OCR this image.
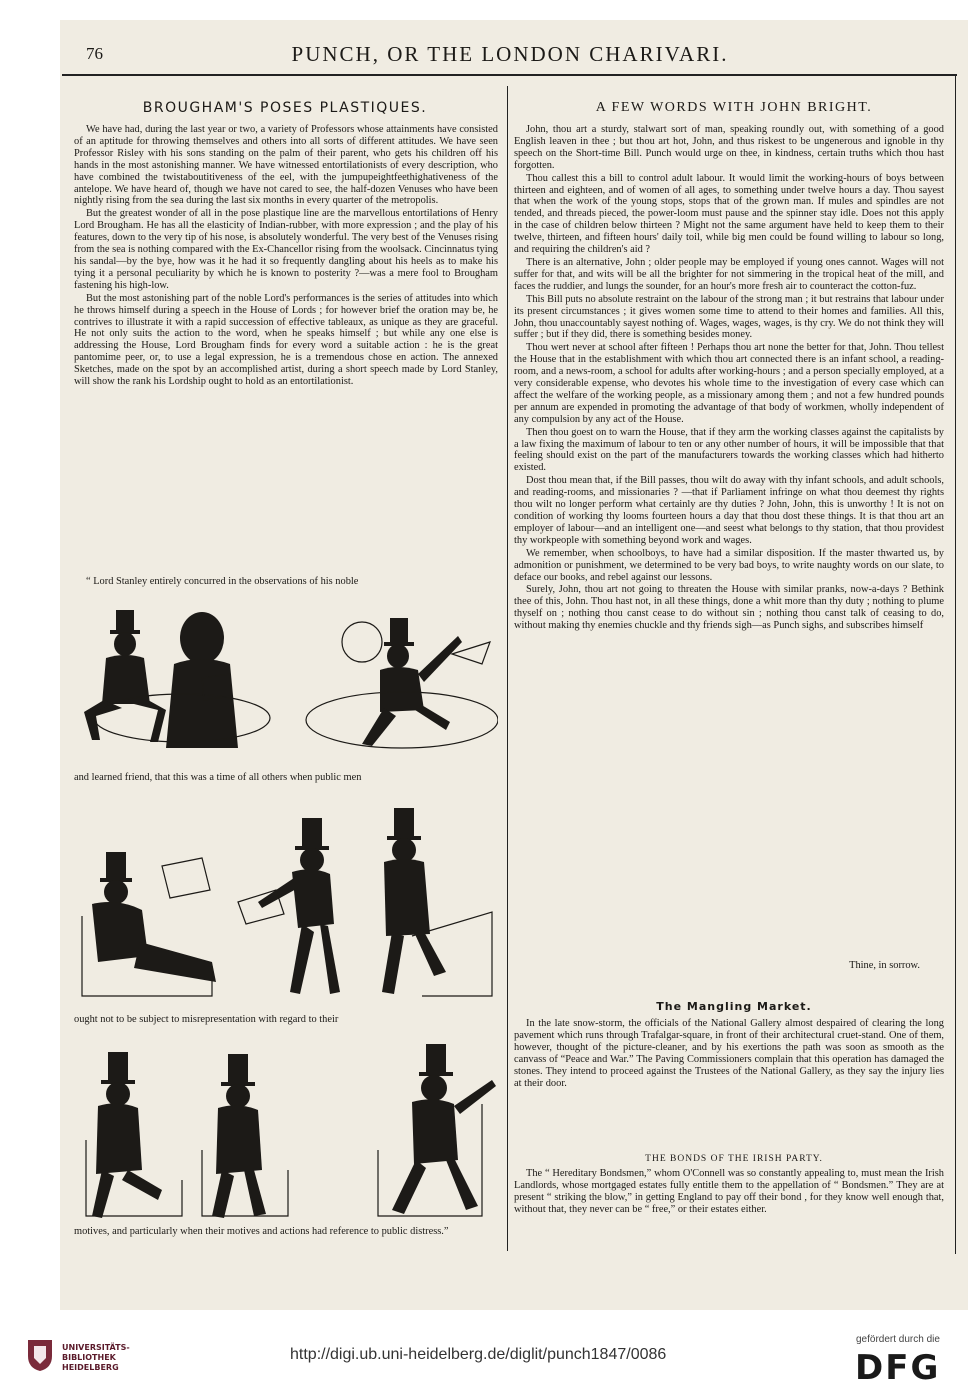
76	PUNCH, OR THE LONDON CHARIVARI.
BROUGHAM'S POSES PLASTIQUES.

We have had, during the last year or two, a variety of Professors whose attainments have consisted of an aptitude for throwing themselves and others into all sorts of different attitudes. We have seen Professor Risley with his sons standing on the palm of their parent, who gets his children off his hands in the most astonishing manner. We have witnessed entortilationists of every description, who have combined the twistaboutitiveness of the eel, with the jumpupeightfeethighativeness of the antelope. We have heard of, though we have not cared to see, the half-dozen Venuses who have been nightly rising from the sea during the last six months in every quarter of the metropolis.

But the greatest wonder of all in the pose plastique line are the marvellous entortilations of Henry Lord Brougham. He has all the elasticity of Indian-rubber, with more expression ; and the play of his features, down to the very tip of his nose, is absolutely wonderful. The very best of the Venuses rising from the sea is nothing compared with the Ex-Chancellor rising from the woolsack. Cincinnatus tying his sandal—by the bye, how was it he had it so frequently dangling about his heels as to make his tying it a personal peculiarity by which he is known to posterity ?—was a mere fool to Brougham fastening his high-low.

But the most astonishing part of the noble Lord's performances is the series of attitudes into which he throws himself during a speech in the House of Lords ; for however brief the oration may be, he contrives to illustrate it with a rapid succession of effective tableaux, as unique as they are graceful. He not only suits the action to the word, when he speaks himself ; but while any one else is addressing the House, Lord Brougham finds for every word a suitable action : he is the great pantomime peer, or, to use a legal expression, he is a tremendous chose en action. The annexed Sketches, made on the spot by an accomplished artist, during a short speech made by Lord Stanley, will show the rank his Lordship ought to hold as an entortilationist.

“ Lord Stanley entirely concurred in the observations of his noble
and learned friend, that this was a time of all others when public men
ought not to be subject to misrepresentation with regard to their
motives, and particularly when their motives and actions had reference to public distress.”
A FEW WORDS WITH JOHN BRIGHT.

John, thou art a sturdy, stalwart sort of man, speaking roundly out, with something of a good English leaven in thee ; but thou art hot, John, and thus riskest to be ungenerous and ignoble in thy speech on the Short-time Bill. Punch would urge on thee, in kindness, certain truths which thou hast forgotten.

Thou callest this a bill to control adult labour. It would limit the working-hours of boys between thirteen and eighteen, and of women of all ages, to something under twelve hours a day. Thou sayest that when the work of the young stops, stops that of the grown man. If mules and spindles are not tended, and threads pieced, the power-loom must pause and the spinner stay idle. Does not this apply in the case of children below thirteen ? Might not the same argument have held to keep them to their twelve, thirteen, and fifteen hours' daily toil, while big men could be found willing to labour so long, and requiring the children's aid ?

There is an alternative, John ; older people may be employed if young ones cannot. Wages will not suffer for that, and wits will be all the brighter for not simmering in the tropical heat of the mill, and faces the ruddier, and lungs the sounder, for an hour's more fresh air to counteract the cotton-fuz.

This Bill puts no absolute restraint on the labour of the strong man ; it but restrains that labour under its present circumstances ; it gives women some time to attend to their homes and families. All this, John, thou unaccountably sayest nothing of. Wages, wages, wages, is thy cry. We do not think they will suffer ; but if they did, there is something besides money.

Thou wert never at school after fifteen ! Perhaps thou art none the better for that, John. Thou tellest the House that in the establishment with which thou art connected there is an infant school, a reading-room, and a news-room, a school for adults after working-hours ; and a person specially employed, at a very considerable expense, who devotes his whole time to the investigation of every case which can affect the welfare of the working people, as a missionary among them ; and not a few hundred pounds per annum are expended in promoting the advantage of that body of workmen, wholly independent of any compulsion by any act of the House.

Then thou goest on to warn the House, that if they arm the working classes against the capitalists by a law fixing the maximum of labour to ten or any other number of hours, it will be impossible that that feeling should exist on the part of the manufacturers towards the working classes which had hitherto existed.

Dost thou mean that, if the Bill passes, thou wilt do away with thy infant schools, and adult schools, and reading-rooms, and missionaries ? —that if Parliament infringe on what thou deemest thy rights thou wilt no longer perform what certainly are thy duties ? John, John, this is unworthy ! It is not on condition of working thy looms fourteen hours a day that thou dost these things. It is that thou art an employer of labour—and an intelligent one—and seest what belongs to thy station, that thou providest thy workpeople with something beyond work and wages.

We remember, when schoolboys, to have had a similar disposition. If the master thwarted us, by admonition or punishment, we determined to be very bad boys, to write naughty words on our slate, to deface our books, and rebel against our lessons.

Surely, John, thou art not going to threaten the House with similar pranks, now-a-days ? Bethink thee of this, John. Thou hast not, in all these things, done a whit more than thy duty ; nothing to plume thyself on ; nothing thou canst cease to do without sin ; nothing thou canst talk of ceasing to do, without making thy enemies chuckle and thy friends sigh—as Punch sighs, and subscribes himself

Thine, in sorrow.
The Mangling Market.

In the late snow-storm, the officials of the National Gallery almost despaired of clearing the long pavement which runs through Trafalgar-square, in front of their architectural cruet-stand. One of them, however, thought of the picture-cleaner, and by his exertions the path was soon as smooth as the canvass of “Peace and War.” The Paving Commissioners complain that this operation has damaged the stones. They intend to proceed against the Trustees of the National Gallery, as they say the injury lies at their door.

THE BONDS OF THE IRISH PARTY.

The “ Hereditary Bondsmen,” whom O'Connell was so constantly appealing to, must mean the Irish Landlords, whose mortgaged estates fully entitle them to the appellation of “ Bondsmen.” They are at present “ striking the blow,” in getting England to pay off their bond , for they know well enough that, without that, they never can be “ free,” or their estates either.

UNIVERSITÄTS-
BIBLIOTHEK
HEIDELBERG
http://digi.ub.uni-heidelberg.de/diglit/punch1847/0086
gefördert durch die
DFG
